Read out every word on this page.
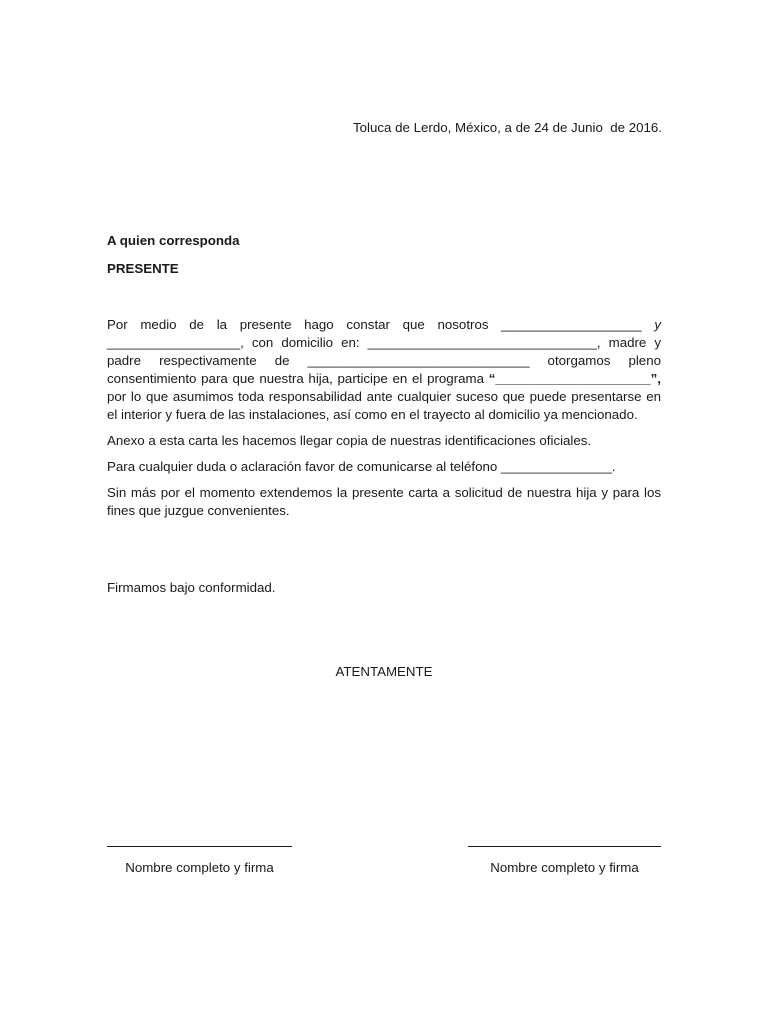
Toluca de Lerdo, México, a de 24 de Junio  de 2016.
A quien corresponda
PRESENTE

Por medio de la presente hago constar que nosotros ___________________ y __________________, con domicilio en: _______________________________, madre y padre respectivamente de ______________________________ otorgamos pleno consentimiento para que nuestra hija, participe en el programa “_____________________”, por lo que asumimos toda responsabilidad ante cualquier suceso que puede presentarse en el interior y fuera de las instalaciones, así como en el trayecto al domicilio ya mencionado.

Anexo a esta carta les hacemos llegar copia de nuestras identificaciones oficiales.

Para cualquier duda o aclaración favor de comunicarse al teléfono _______________.

Sin más por el momento extendemos la presente carta a solicitud de nuestra hija y para los fines que juzgue convenientes.

Firmamos bajo conformidad.
ATENTAMENTE
Nombre completo y firma	Nombre completo y firma
